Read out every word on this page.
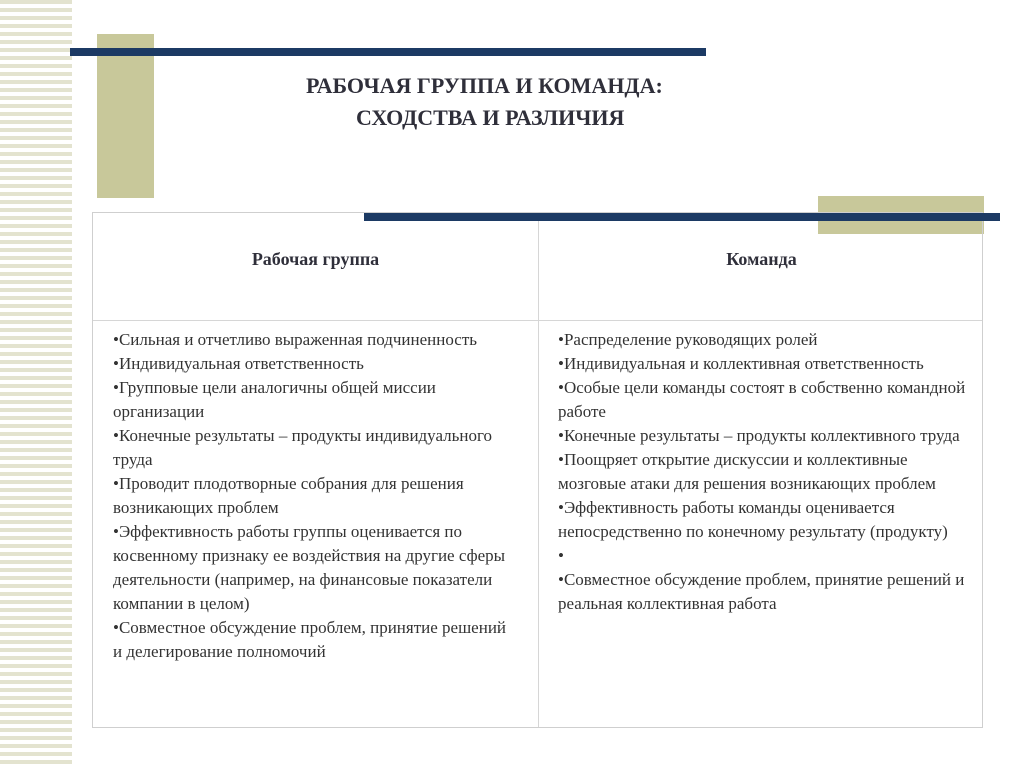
РАБОЧАЯ ГРУППА И КОМАНДА:
СХОДСТВА И РАЗЛИЧИЯ
Рабочая группа	Команда
•Сильная и отчетливо выраженная подчиненность
•Индивидуальная ответственность
•Групповые цели аналогичны общей миссии организации
•Конечные результаты – продукты индивидуального труда
•Проводит плодотворные собрания для решения возникающих проблем
•Эффективность работы группы оценивается по косвенному признаку ее воздействия на другие сферы деятельности (например, на финансовые показатели компании в целом)
•Совместное обсуждение проблем, принятие решений и делегирование полномочий
•Распределение руководящих ролей
•Индивидуальная и коллективная ответственность
•Особые цели команды состоят в собственно командной работе
•Конечные результаты – продукты коллективного труда
•Поощряет открытие дискуссии и коллективные мозговые атаки для решения возникающих проблем
•Эффективность работы команды оценивается непосредственно по конечному результату (продукту)
•
•Совместное обсуждение проблем, принятие решений и реальная коллективная работа
